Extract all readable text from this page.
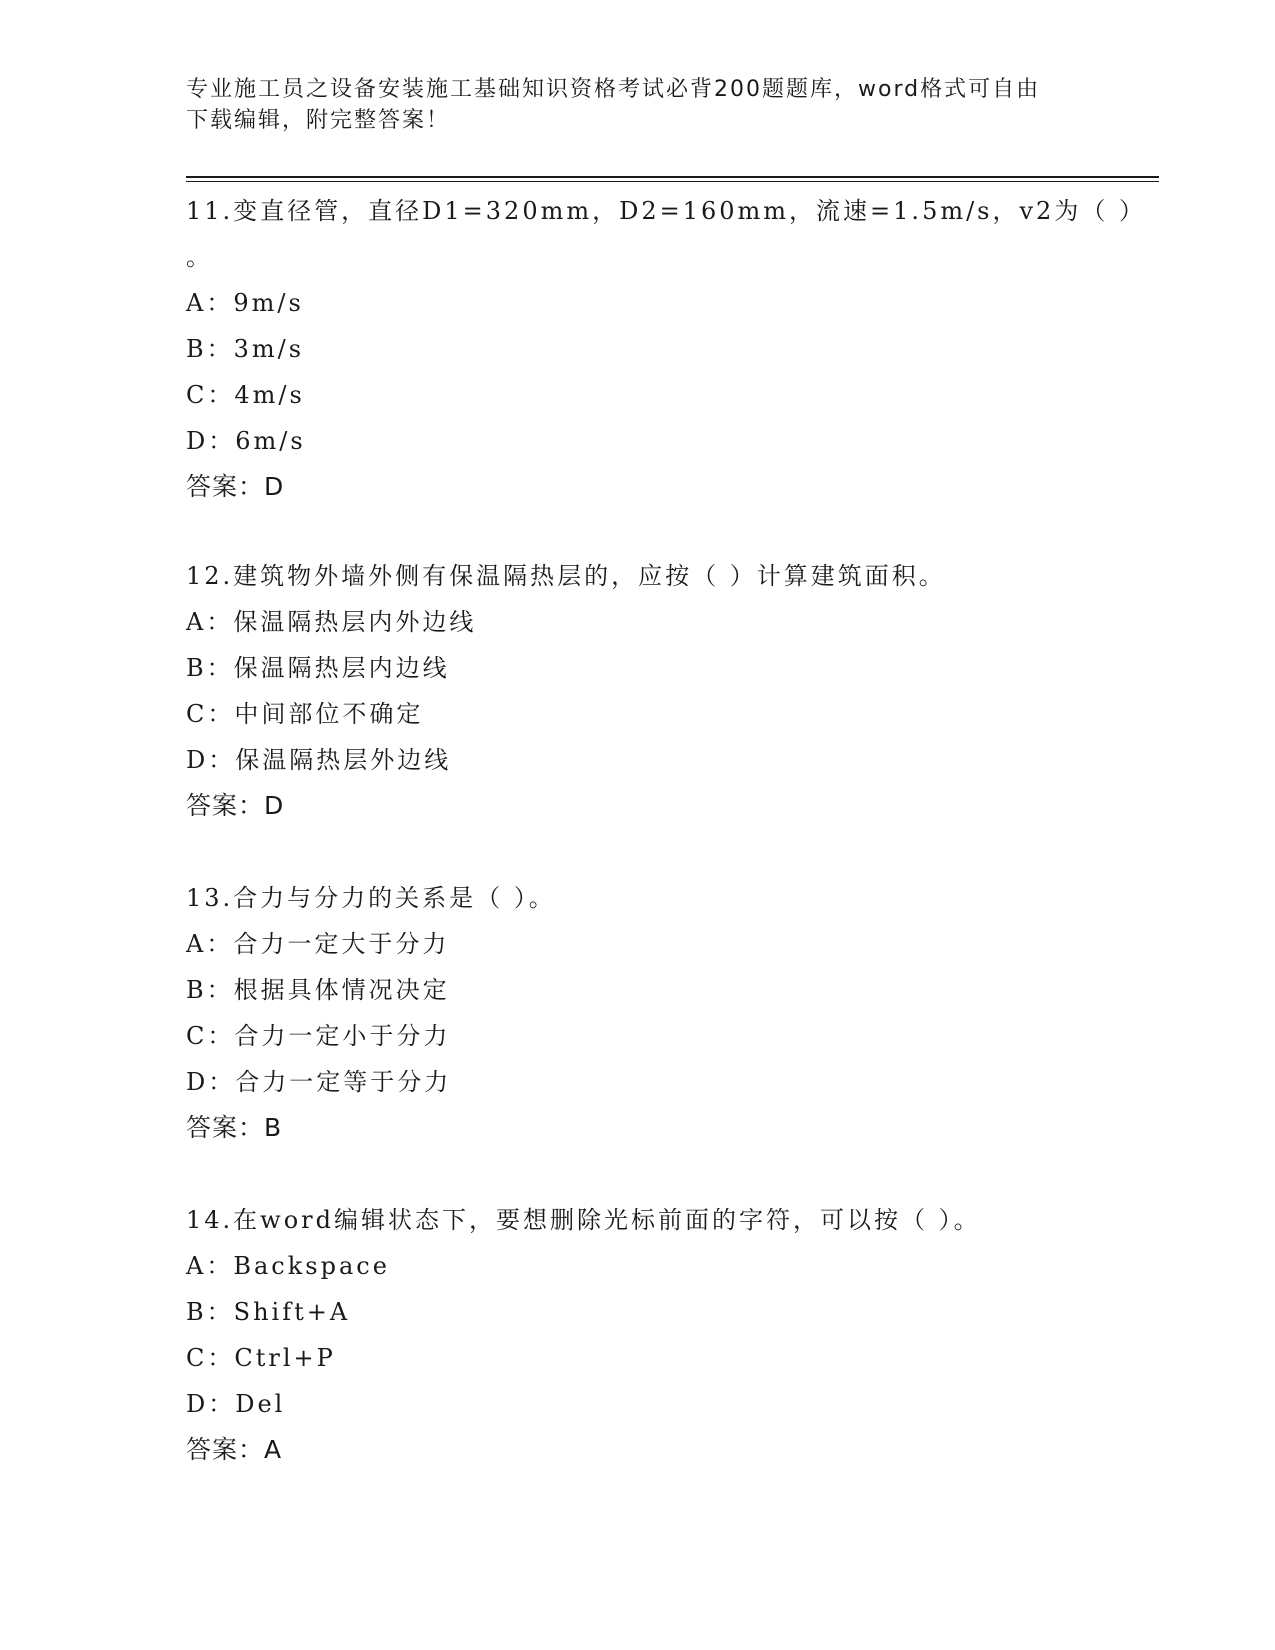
专业施工员之设备安装施工基础知识资格考试必背200题题库，word格式可自由
下载编辑，附完整答案！
11.变直径管，直径D1=320mm，D2=160mm，流速=1.5m/s，v2为（ ）
。
A：9m/s
B：3m/s
C：4m/s
D：6m/s
答案：D
12.建筑物外墙外侧有保温隔热层的，应按（ ）计算建筑面积。
A：保温隔热层内外边线
B：保温隔热层内边线
C：中间部位不确定
D：保温隔热层外边线
答案：D
13.合力与分力的关系是（ ）。
A：合力一定大于分力
B：根据具体情况决定
C：合力一定小于分力
D：合力一定等于分力
答案：B
14.在word编辑状态下，要想删除光标前面的字符，可以按（ ）。
A：Backspace
B：Shift+A
C：Ctrl+P
D：Del
答案：A
